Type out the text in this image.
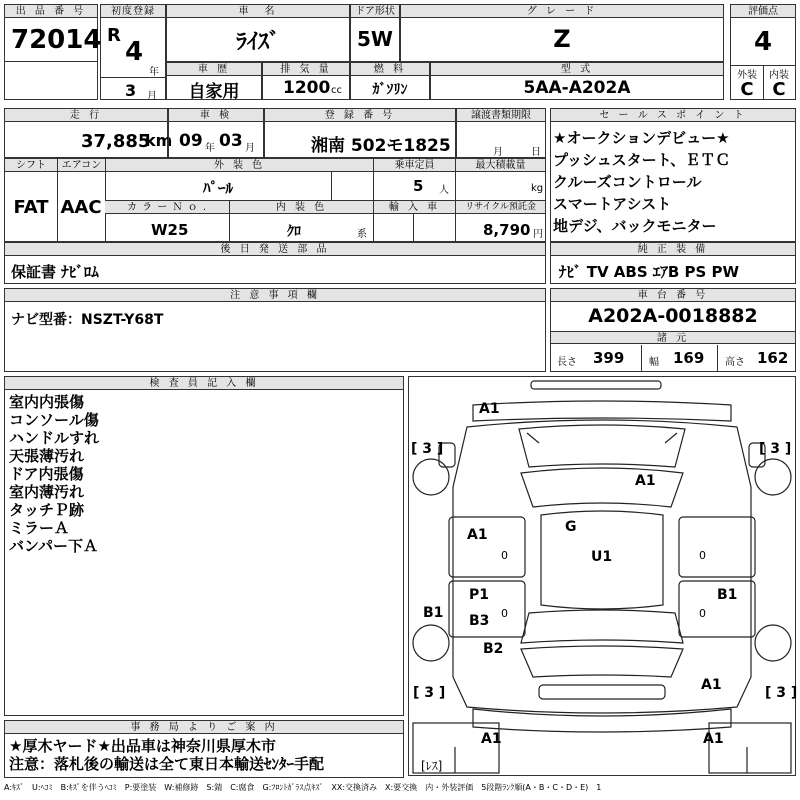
出 品 番 号
72014
初度登録
R
4
年
3 月
車　名
ﾗｲｽﾞ
ドア形状
5W
グ レ ー ド
Z
評価点
4
外装	内装
C	C
車 歴
自家用
排 気 量
1200 cc
燃 料
ｶﾞｿﾘﾝ
型 式
5AA-A202A
走 行
37,885
km
車 検
09 年 03 月
登 録 番 号
湘南 502モ1825
譲渡書類期限
月	日
セ ー ル ス ポ イ ン ト
★オークションデビュー★
プッシュスタート、ＥＴＣ
クルーズコントロール
スマートアシスト
地デジ、バックモニター
シフト	エアコン	外 装 色	乗車定員	最大積載量
FAT AAC
ﾊﾟｰﾙ	5 人	kg
カ ラ ー Ｎ ｏ .	内 装 色	輸 入 車	リサイクル預託金
W25	ｸﾛ	系	8,790 円
後 日 発 送 部 品
保証書 ﾅﾋﾞﾛﾑ
純 正 装 備
ﾅﾋﾞ TV ABS ｴｱB PS PW
注 意 事 項 欄
ナビ型番：NSZT-Y68T
車 台 番 号
A202A-0018882
諸 元
長さ 399 幅 169 高さ 162
検 査 員 記 入 欄
室内内張傷
コンソール傷
ハンドルすれ
天張薄汚れ
ドア内張傷
室内薄汚れ
タッチＰ跡
ミラーＡ
バンパー下Ａ
A1
A1
G
U1
A1
P1
B3
B2
B1
B1
A1
A1	A1
[ 3 ]	[ 3 ]
[ 3 ]	[ 3 ]
[ﾚｽ]
0
0
0
0
事 務 局 よ り ご 案 内
★厚木ヤード★出品車は神奈川県厚木市
注意：落札後の輸送は全て東日本輸送ｾﾝﾀｰ手配
A:ｷｽﾞ　U:ﾍｺﾐ　B:ｷｽﾞを伴うﾍｺﾐ　P:要塗装　W:補修跡　S:錆　C:腐食　G:ﾌﾛﾝﾄｶﾞﾗｽ点ｷｽﾞ　XX:交換済み　X:要交換　内・外装評価　5段階ﾗﾝｸ順(A・B・C・D・E)　1
